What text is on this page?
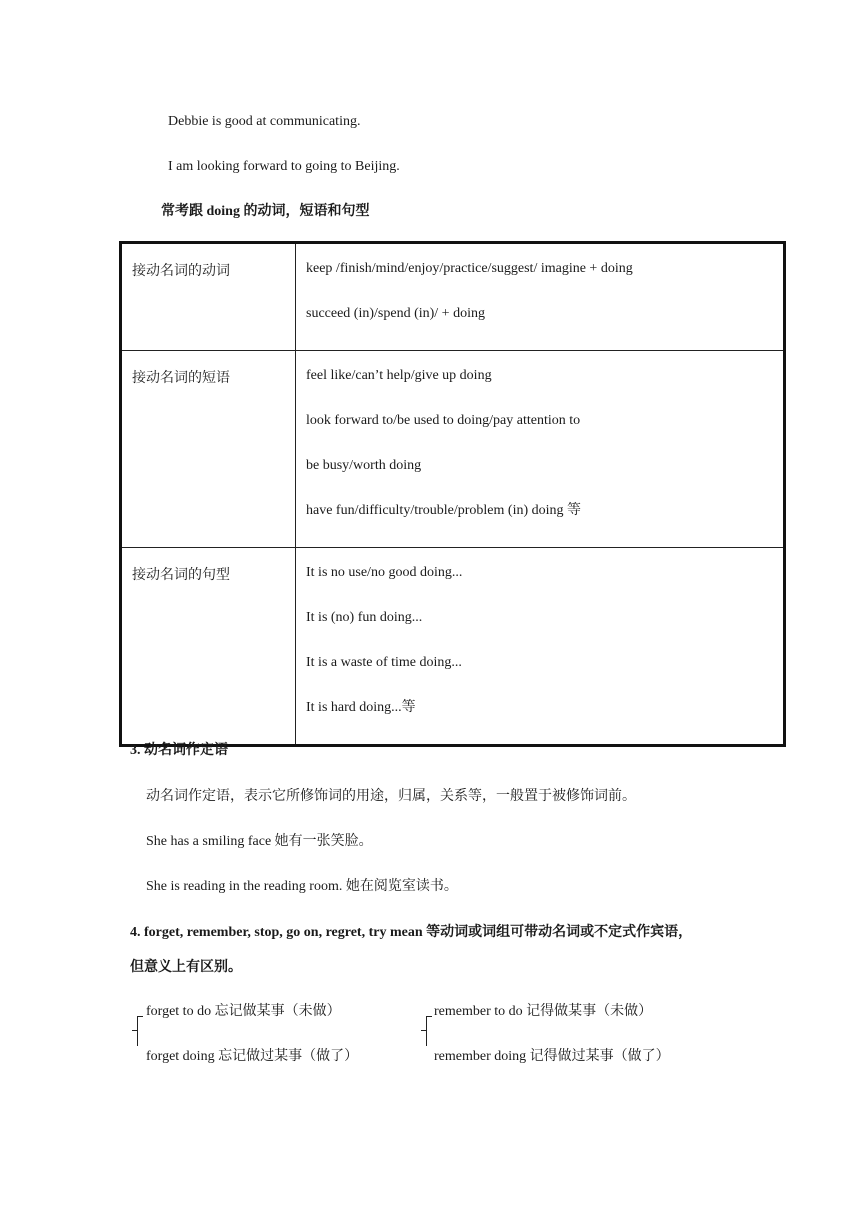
Debbie is good at communicating.
I am looking forward to going to Beijing.
常考跟 doing 的动词，短语和句型
接动名词的动词	keep /finish/mind/enjoy/practice/suggest/ imagine + doing
succeed (in)/spend (in)/ + doing

接动名词的短语	feel like/can’t help/give up doing
look forward to/be used to doing/pay attention to
be busy/worth doing
have fun/difficulty/trouble/problem (in) doing 等

接动名词的句型	It is no use/no good doing...
It is (no) fun doing...
It is a waste of time doing...
It is hard doing...等
3. 动名词作定语
动名词作定语，表示它所修饰词的用途，归属，关系等，一般置于被修饰词前。
She has a smiling face 她有一张笑脸。
She is reading in the reading room. 她在阅览室读书。
4. forget, remember, stop, go on, regret, try mean 等动词或词组可带动名词或不定式作宾语，
但意义上有区别。
forget to do 忘记做某事（未做）
forget doing 忘记做过某事（做了）
remember to do 记得做某事（未做）
remember doing 记得做过某事（做了）
